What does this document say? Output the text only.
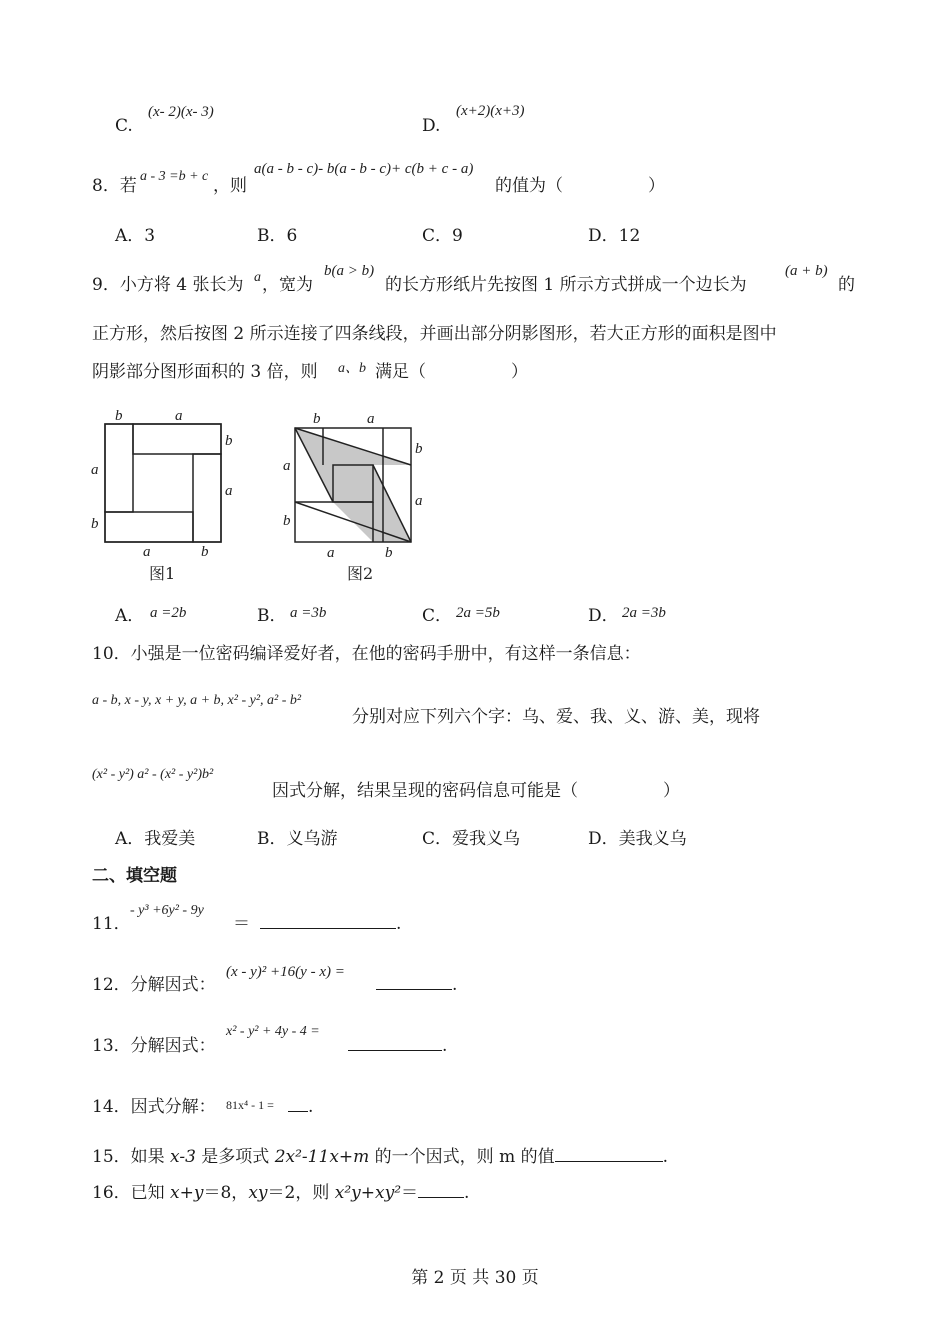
C.
(x- 2)(x- 3)
D.
(x+2)(x+3)
8．若 a - 3 =b + c ，则
a(a - b - c)- b(a - b - c)+ c(b + c - a)
的值为（　　　　　）
A．3	B．6	C．9	D．12
9．小方将 4 张长为 a ，宽为
b(a > b)
的长方形纸片先按图 1 所示方式拼成一个边长为
(a + b)
的
正方形，然后按图 2 所示连接了四条线段，并画出部分阴影图形，若大正方形的面积是图中
阴影部分图形面积的 3 倍，则 a、b 满足（　　　　　）
b	a
b
a
a
b
a	b
图1
b	a
b
a
a
b
a	b
图2
A． a =2b	B． a =3b	C． 2a =5b	D． 2a =3b
10．小强是一位密码编译爱好者，在他的密码手册中，有这样一条信息：
a - b, x - y, x + y, a + b, x² - y², a² - b²
分别对应下列六个字：乌、爱、我、义、游、美，现将
(x² - y²) a² - (x² - y²)b²
因式分解，结果呈现的密码信息可能是（　　　　　）
A．我爱美	B．义乌游	C．爱我义乌	D．美我义乌
二、填空题
11．
- y³ +6y² - 9y
＝	.
12．分解因式：
(x - y)² +16(y - x) =
.
13．分解因式：
x² - y² + 4y - 4 =
.
14．因式分解： 81x⁴ - 1 =	.
15．如果 x-3 是多项式 2x²-11x+m 的一个因式，则 m 的值	.
16．已知 x+y＝8，xy＝2，则 x²y+xy²＝	.
第 2 页 共 30 页
